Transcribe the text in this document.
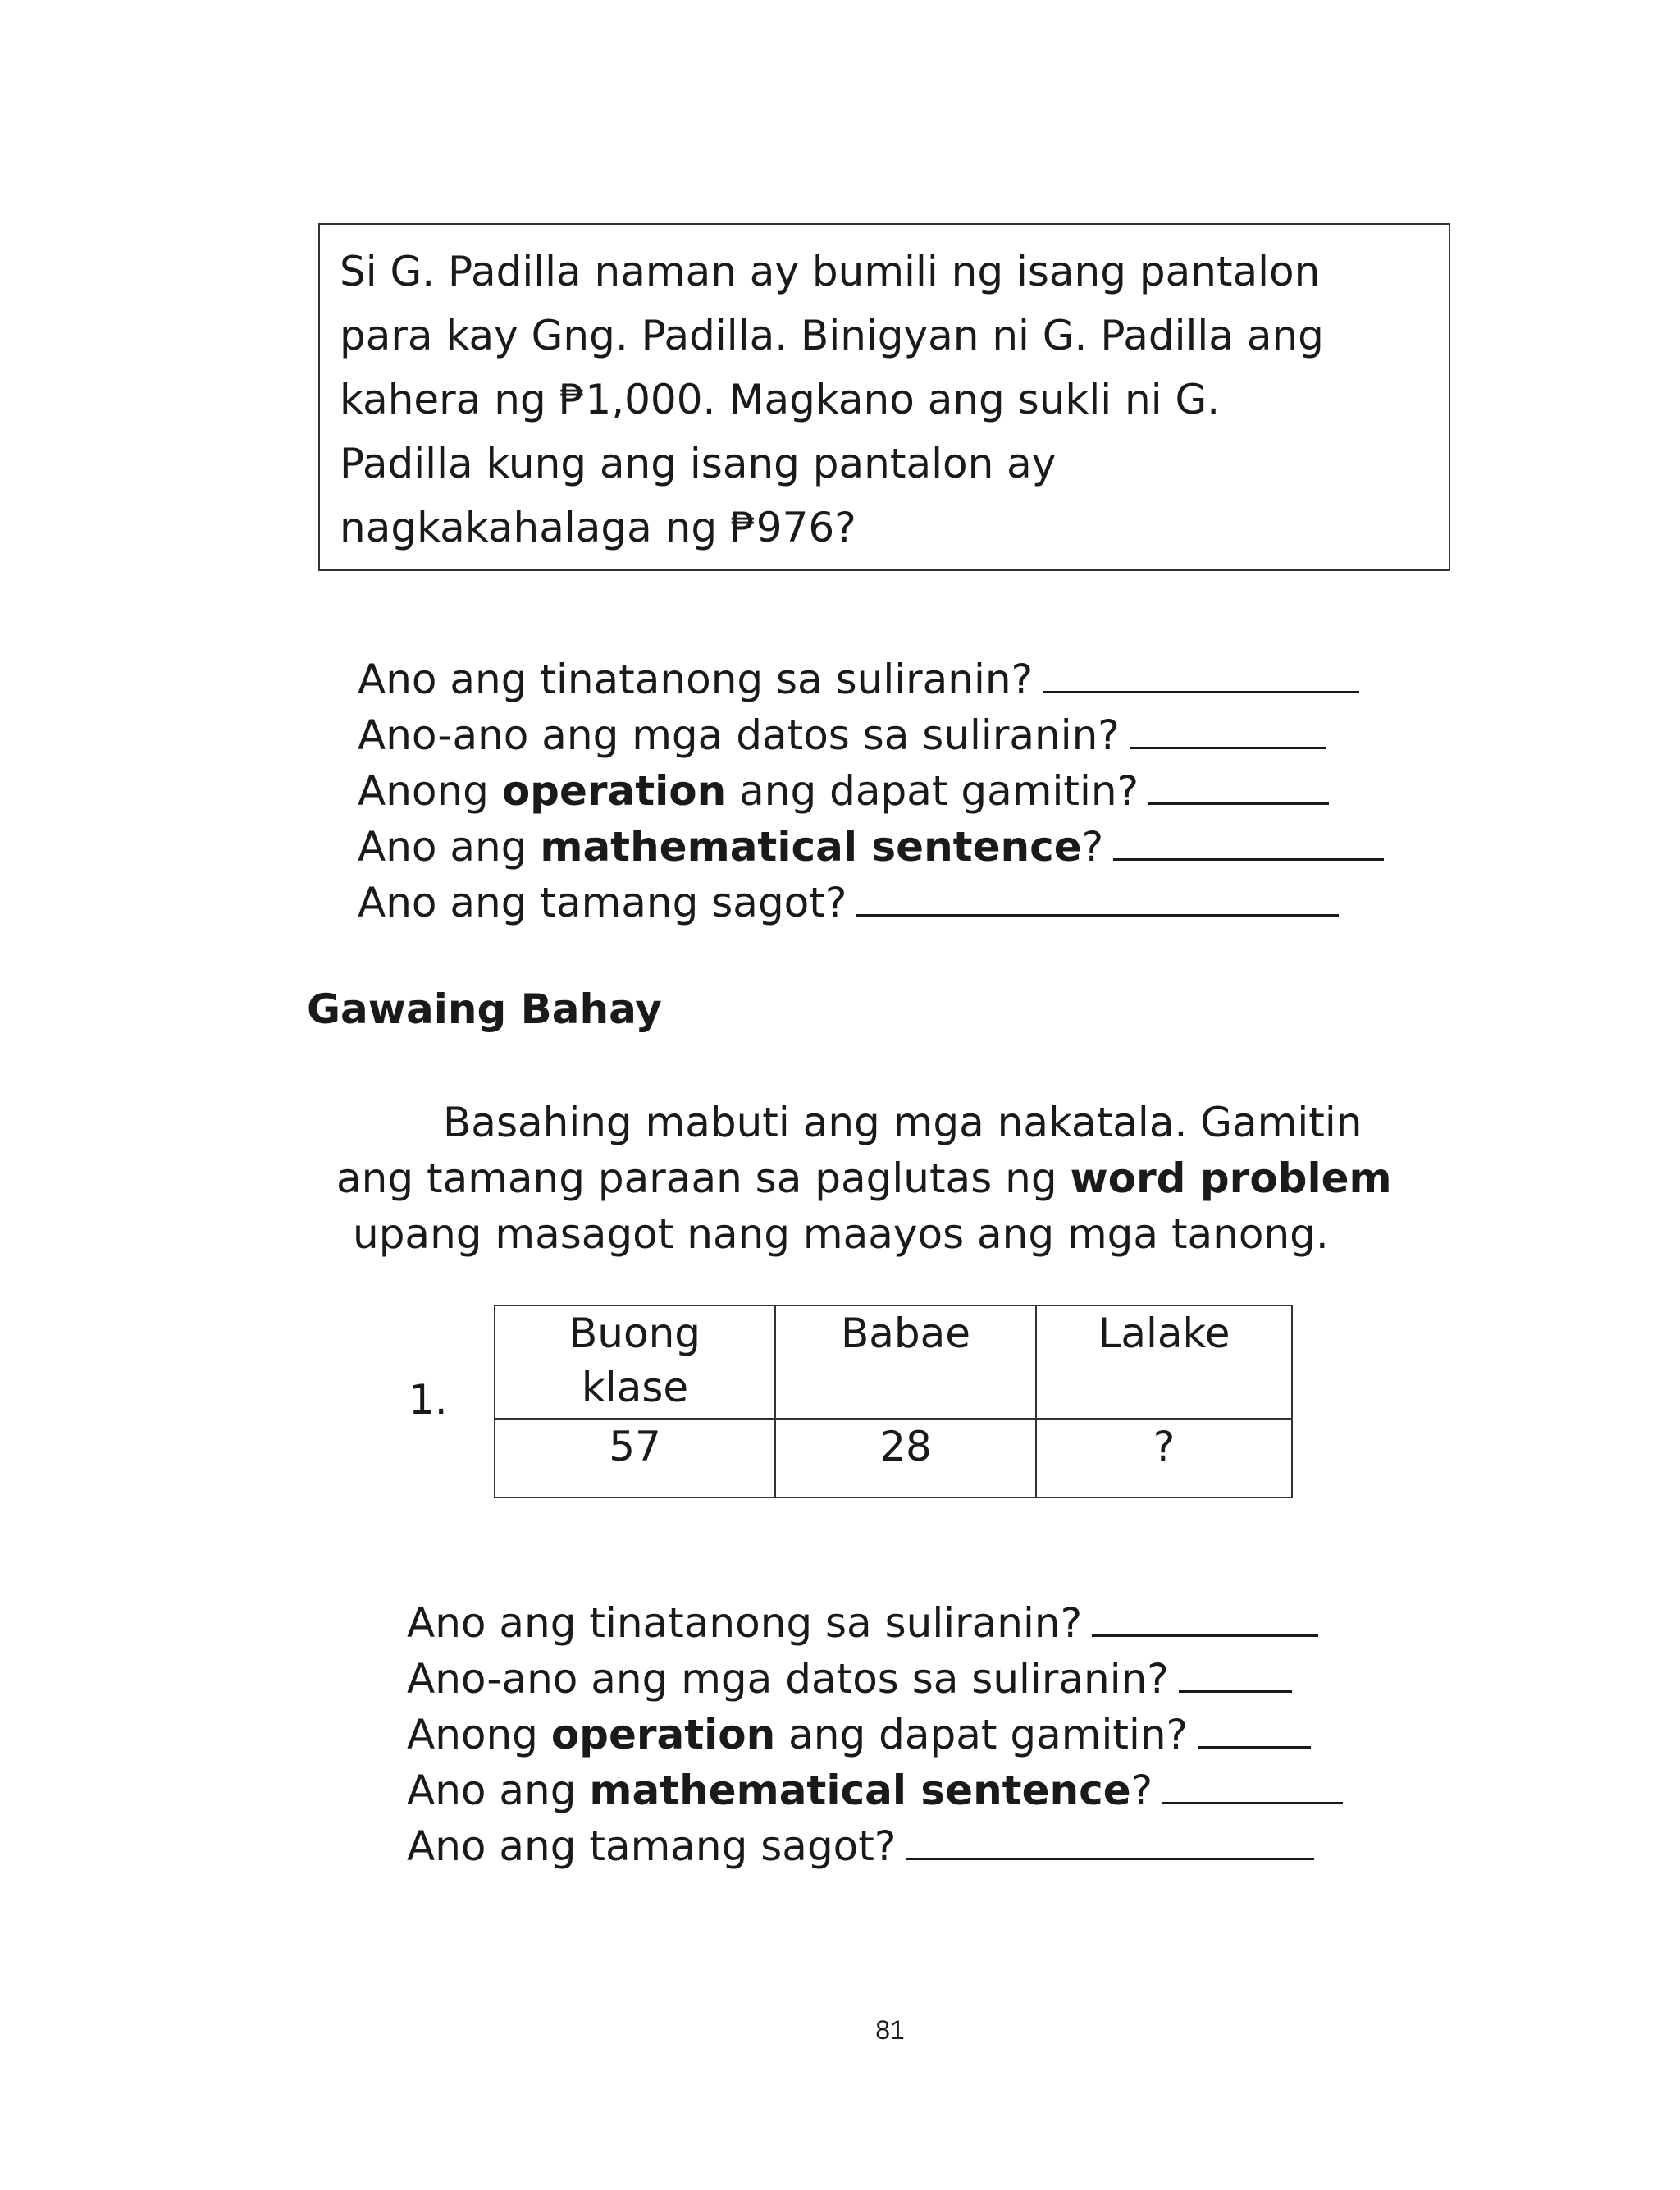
Si G. Padilla naman ay bumili ng isang pantalon

para kay Gng. Padilla. Binigyan ni G. Padilla ang

kahera ng ₱1,000. Magkano ang sukli ni G.

Padilla kung ang isang pantalon ay

nagkakahalaga ng ₱976?

Ano ang tinatanong sa suliranin?
Ano-ano ang mga datos sa suliranin?
Anong operation ang dapat gamitin?
Ano ang mathematical sentence?
Ano ang tamang sagot?
Gawaing Bahay
Basahing mabuti ang mga nakatala. Gamitin
ang tamang paraan sa paglutas ng word problem
upang masagot nang maayos ang mga tanong.
1.
Buong klase	Babae	Lalake
57	28	?
Ano ang tinatanong sa suliranin?
Ano-ano ang mga datos sa suliranin?
Anong operation ang dapat gamitin?
Ano ang mathematical sentence?
Ano ang tamang sagot?
81
